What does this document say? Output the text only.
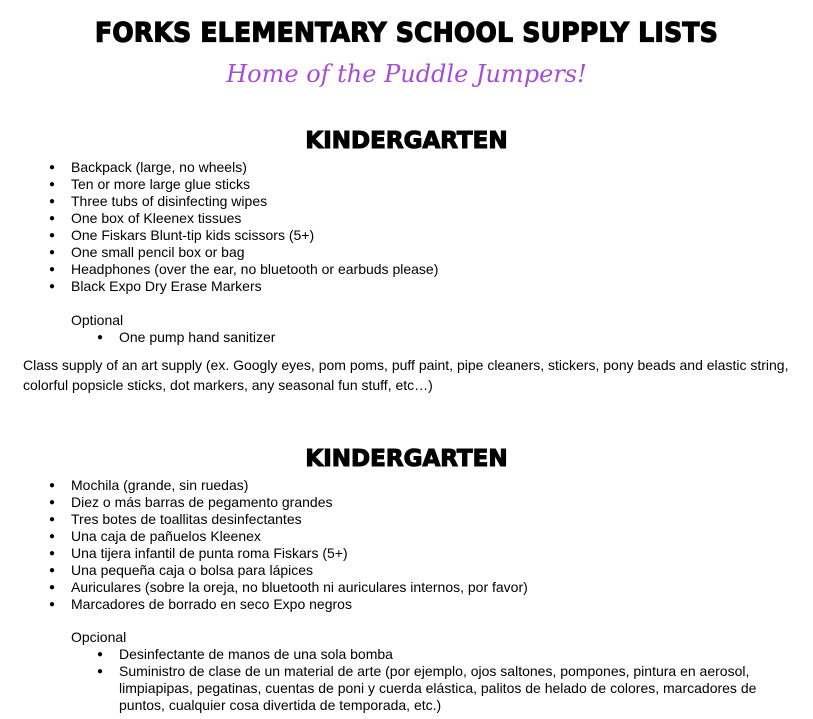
FORKS ELEMENTARY SCHOOL SUPPLY LISTS
Home of the Puddle Jumpers!
KINDERGARTEN
● Backpack (large, no wheels)
● Ten or more large glue sticks
● Three tubs of disinfecting wipes
● One box of Kleenex tissues
● One Fiskars Blunt-tip kids scissors (5+)
● One small pencil box or bag
● Headphones (over the ear, no bluetooth or earbuds please)
● Black Expo Dry Erase Markers
Optional
● One pump hand sanitizer
Class supply of an art supply (ex. Googly eyes, pom poms, puff paint, pipe cleaners, stickers, pony beads and elastic string, colorful popsicle sticks, dot markers, any seasonal fun stuff, etc…)
KINDERGARTEN
● Mochila (grande, sin ruedas)
● Diez o más barras de pegamento grandes
● Tres botes de toallitas desinfectantes
● Una caja de pañuelos Kleenex
● Una tijera infantil de punta roma Fiskars (5+)
● Una pequeña caja o bolsa para lápices
● Auriculares (sobre la oreja, no bluetooth ni auriculares internos, por favor)
● Marcadores de borrado en seco Expo negros
Opcional
● Desinfectante de manos de una sola bomba
● Suministro de clase de un material de arte (por ejemplo, ojos saltones, pompones, pintura en aerosol, limpiapipas, pegatinas, cuentas de poni y cuerda elástica, palitos de helado de colores, marcadores de puntos, cualquier cosa divertida de temporada, etc.)
